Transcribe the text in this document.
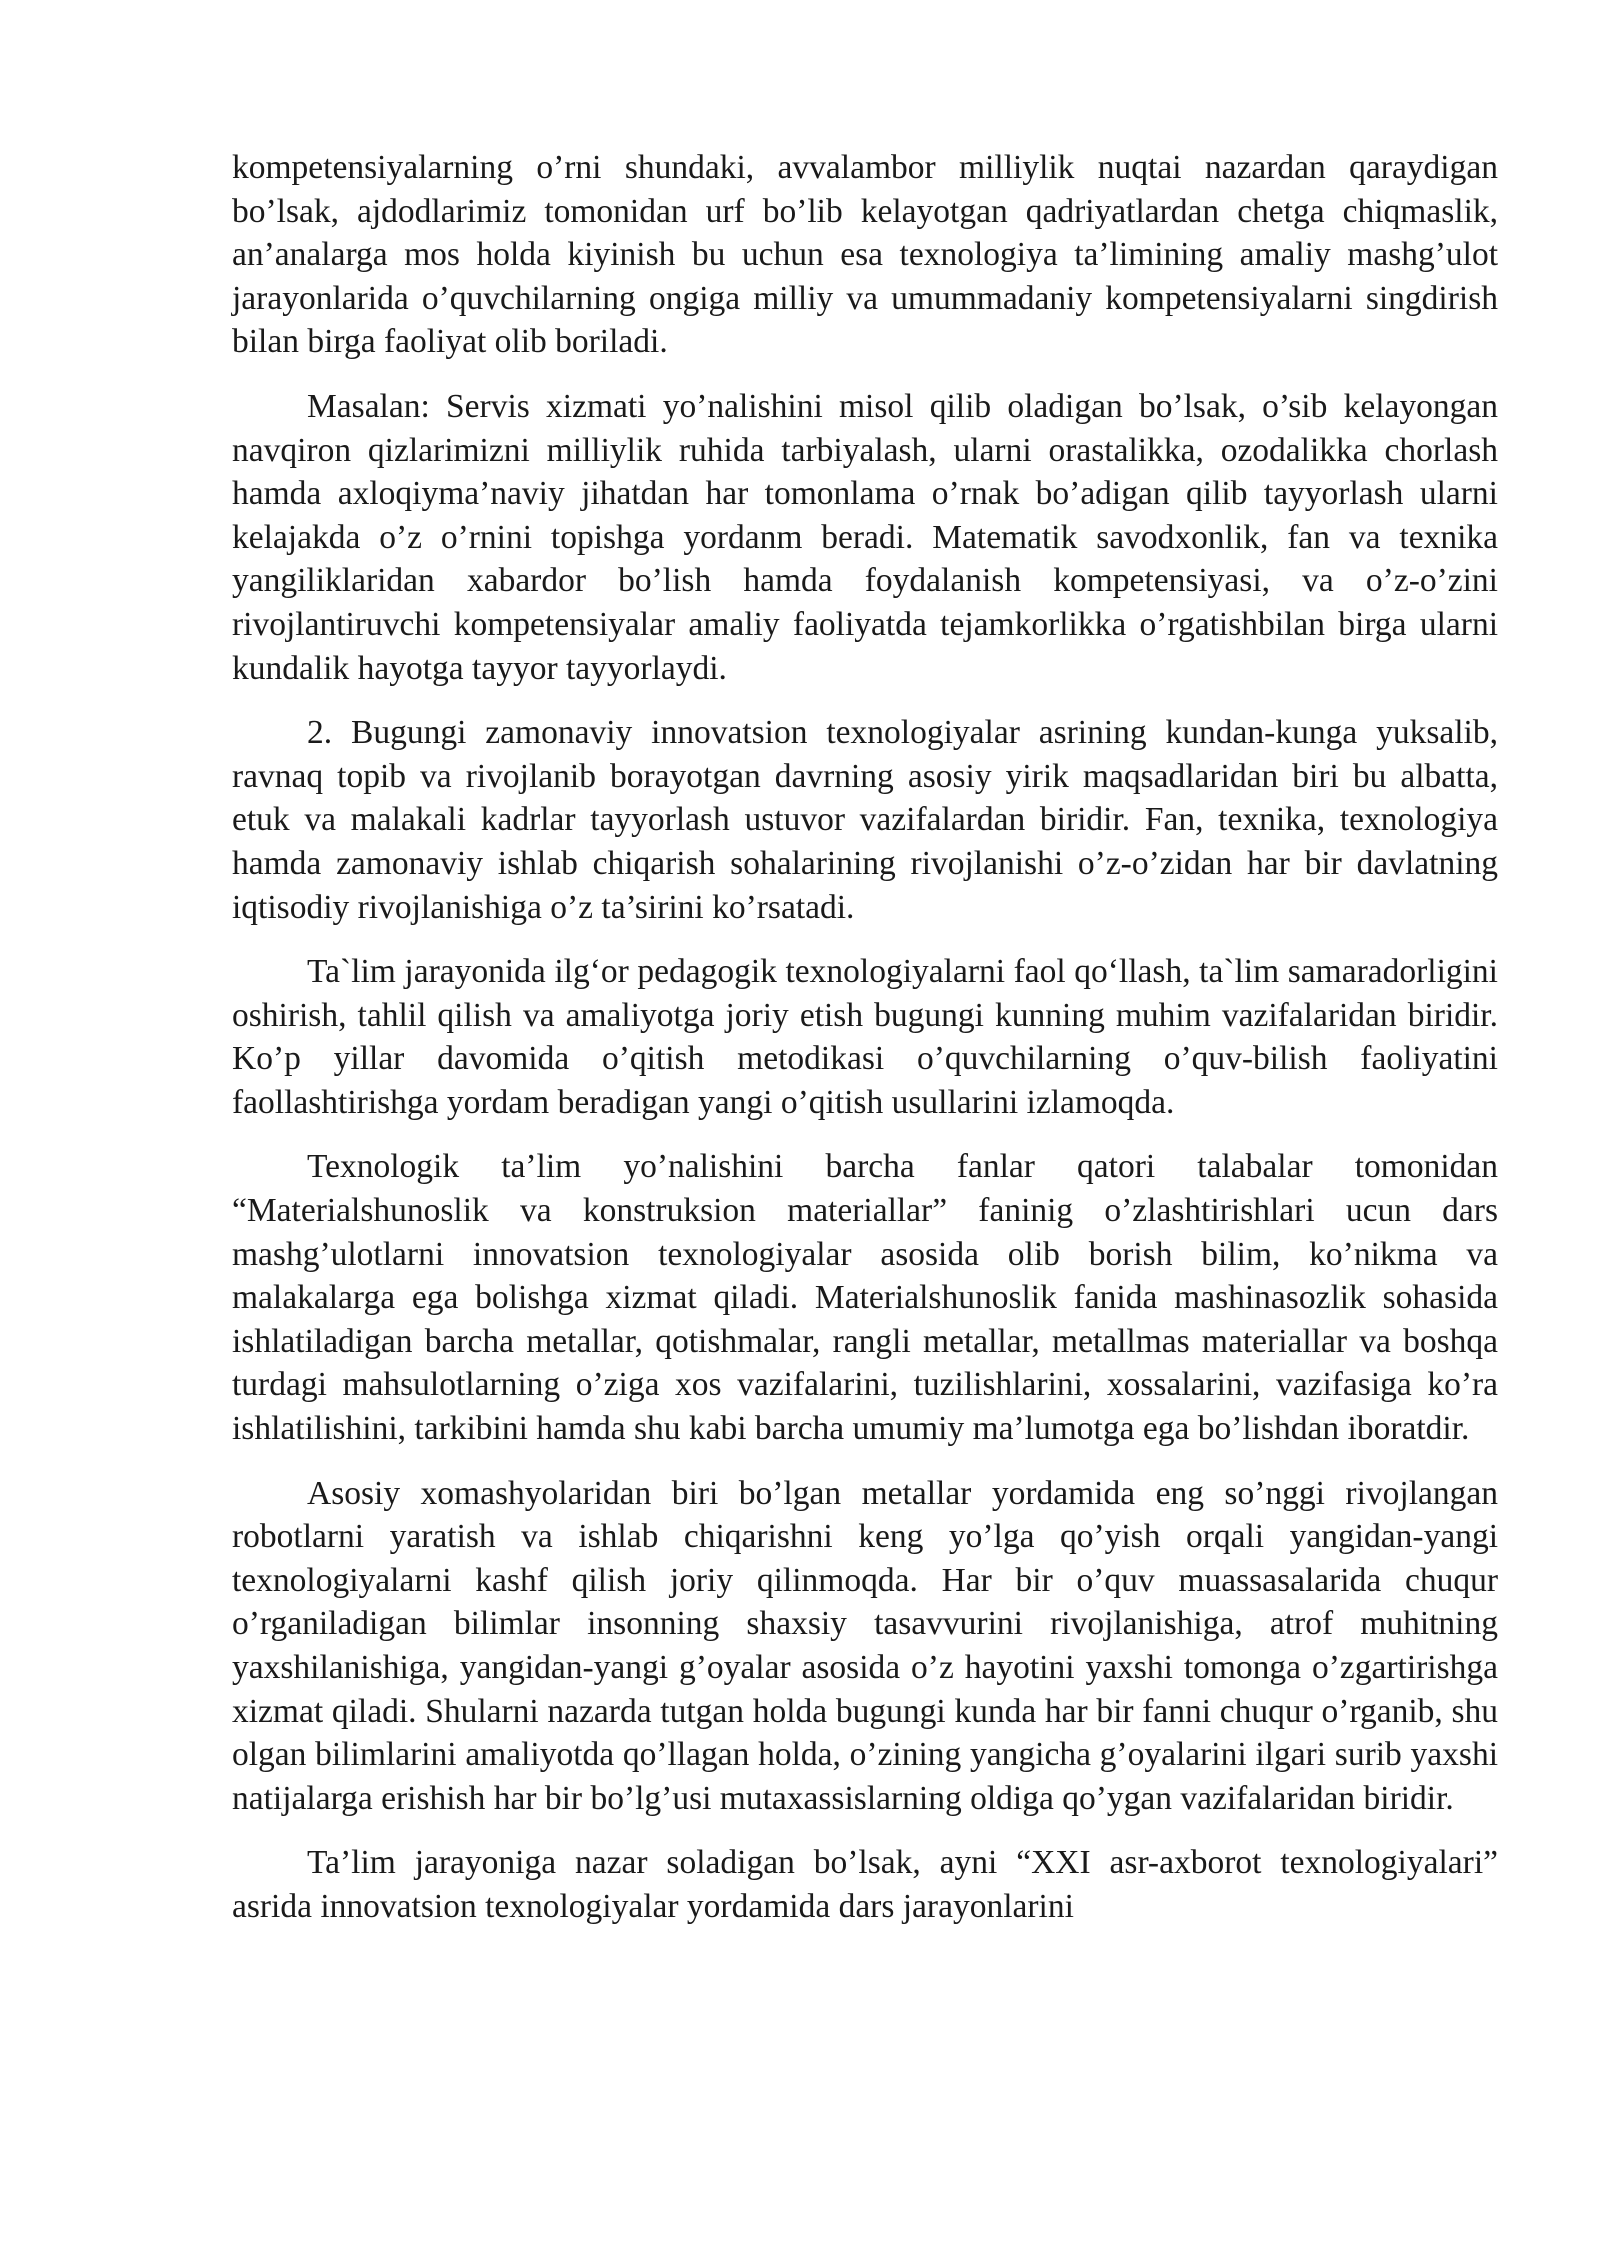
kompetensiyalarning o’rni shundaki, avvalambor milliylik nuqtai nazardan qaraydigan bo’lsak, ajdodlarimiz tomonidan urf bo’lib kelayotgan qadriyatlardan chetga chiqmaslik, an’analarga mos holda kiyinish bu uchun esa texnologiya ta’limining amaliy mashg’ulot jarayonlarida o’quvchilarning ongiga milliy va umummadaniy kompetensiyalarni singdirish bilan birga faoliyat olib boriladi.

Masalan: Servis xizmati yo’nalishini misol qilib oladigan bo’lsak, o’sib kelayongan navqiron qizlarimizni milliylik ruhida tarbiyalash, ularni orastalikka, ozodalikka chorlash hamda axloqiyma’naviy jihatdan har tomonlama o’rnak bo’adigan qilib tayyorlash ularni kelajakda o’z o’rnini topishga yordanm beradi. Matematik savodxonlik, fan va texnika yangiliklaridan xabardor bo’lish hamda foydalanish kompetensiyasi, va o’z-o’zini rivojlantiruvchi kompetensiyalar amaliy faoliyatda tejamkorlikka o’rgatishbilan birga ularni kundalik hayotga tayyor tayyorlaydi.

2. Bugungi zamonaviy innovatsion texnologiyalar asrining kundan-kunga yuksalib, ravnaq topib va rivojlanib borayotgan davrning asosiy yirik maqsadlaridan biri bu albatta, etuk va malakali kadrlar tayyorlash ustuvor vazifalardan biridir. Fan, texnika, texnologiya hamda zamonaviy ishlab chiqarish sohalarining rivojlanishi o’z-o’zidan har bir davlatning iqtisodiy rivojlanishiga o’z ta’sirini ko’rsatadi.

Ta`lim jarayonida ilg‘or pedagogik texnologiyalarni faol qo‘llash, ta`lim samaradorligini oshirish, tahlil qilish va amaliyotga joriy etish bugungi kunning muhim vazifalaridan biridir. Ko’p yillar davomida o’qitish metodikasi o’quvchilarning o’quv-bilish faoliyatini faollashtirishga yordam beradigan yangi o’qitish usullarini izlamoqda.

Texnologik ta’lim yo’nalishini barcha fanlar qatori talabalar tomonidan “Materialshunoslik va konstruksion materiallar” faninig o’zlashtirishlari ucun dars mashg’ulotlarni innovatsion texnologiyalar asosida olib borish bilim, ko’nikma va malakalarga ega bolishga xizmat qiladi. Materialshunoslik fanida mashinasozlik sohasida ishlatiladigan barcha metallar, qotishmalar, rangli metallar, metallmas materiallar va boshqa turdagi mahsulotlarning o’ziga xos vazifalarini, tuzilishlarini, xossalarini, vazifasiga ko’ra ishlatilishini, tarkibini hamda shu kabi barcha umumiy ma’lumotga ega bo’lishdan iboratdir.

Asosiy xomashyolaridan biri bo’lgan metallar yordamida eng so’nggi rivojlangan robotlarni yaratish va ishlab chiqarishni keng yo’lga qo’yish orqali yangidan-yangi texnologiyalarni kashf qilish joriy qilinmoqda. Har bir o’quv muassasalarida chuqur o’rganiladigan bilimlar insonning shaxsiy tasavvurini rivojlanishiga, atrof muhitning yaxshilanishiga, yangidan-yangi g’oyalar asosida o’z hayotini yaxshi tomonga o’zgartirishga xizmat qiladi. Shularni nazarda tutgan holda bugungi kunda har bir fanni chuqur o’rganib, shu olgan bilimlarini amaliyotda qo’llagan holda, o’zining yangicha g’oyalarini ilgari surib yaxshi natijalarga erishish har bir bo’lg’usi mutaxassislarning oldiga qo’ygan vazifalaridan biridir.

Ta’lim jarayoniga nazar soladigan bo’lsak, ayni “XXI asr-axborot texnologiyalari” asrida innovatsion texnologiyalar yordamida dars jarayonlarini
